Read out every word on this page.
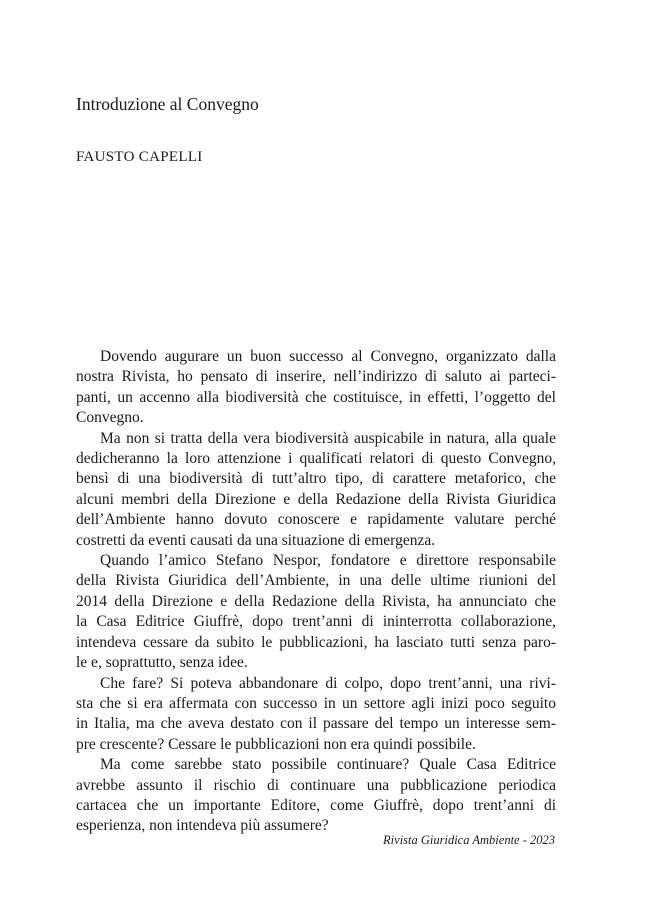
Introduzione al Convegno

FAUSTO CAPELLI

Dovendo augurare un buon successo al Convegno, organizzato dalla
nostra Rivista, ho pensato di inserire, nell’indirizzo di saluto ai parteci-
panti, un accenno alla biodiversità che costituisce, in effetti, l’oggetto del
Convegno.

Ma non si tratta della vera biodiversità auspicabile in natura, alla quale
dedicheranno la loro attenzione i qualificati relatori di questo Convegno,
bensì di una biodiversità di tutt’altro tipo, di carattere metaforico, che
alcuni membri della Direzione e della Redazione della Rivista Giuridica
dell’Ambiente hanno dovuto conoscere e rapidamente valutare perché
costretti da eventi causati da una situazione di emergenza.

Quando l’amico Stefano Nespor, fondatore e direttore responsabile
della Rivista Giuridica dell’Ambiente, in una delle ultime riunioni del
2014 della Direzione e della Redazione della Rivista, ha annunciato che
la Casa Editrice Giuffrè, dopo trent’anni di ininterrotta collaborazione,
intendeva cessare da subito le pubblicazioni, ha lasciato tutti senza paro-
le e, soprattutto, senza idee.

Che fare? Si poteva abbandonare di colpo, dopo trent’anni, una rivi-
sta che si era affermata con successo in un settore agli inizi poco seguito
in Italia, ma che aveva destato con il passare del tempo un interesse sem-
pre crescente? Cessare le pubblicazioni non era quindi possibile.

Ma come sarebbe stato possibile continuare? Quale Casa Editrice
avrebbe assunto il rischio di continuare una pubblicazione periodica
cartacea che un importante Editore, come Giuffrè, dopo trent’anni di
esperienza, non intendeva più assumere?

Rivista Giuridica Ambiente - 2023
